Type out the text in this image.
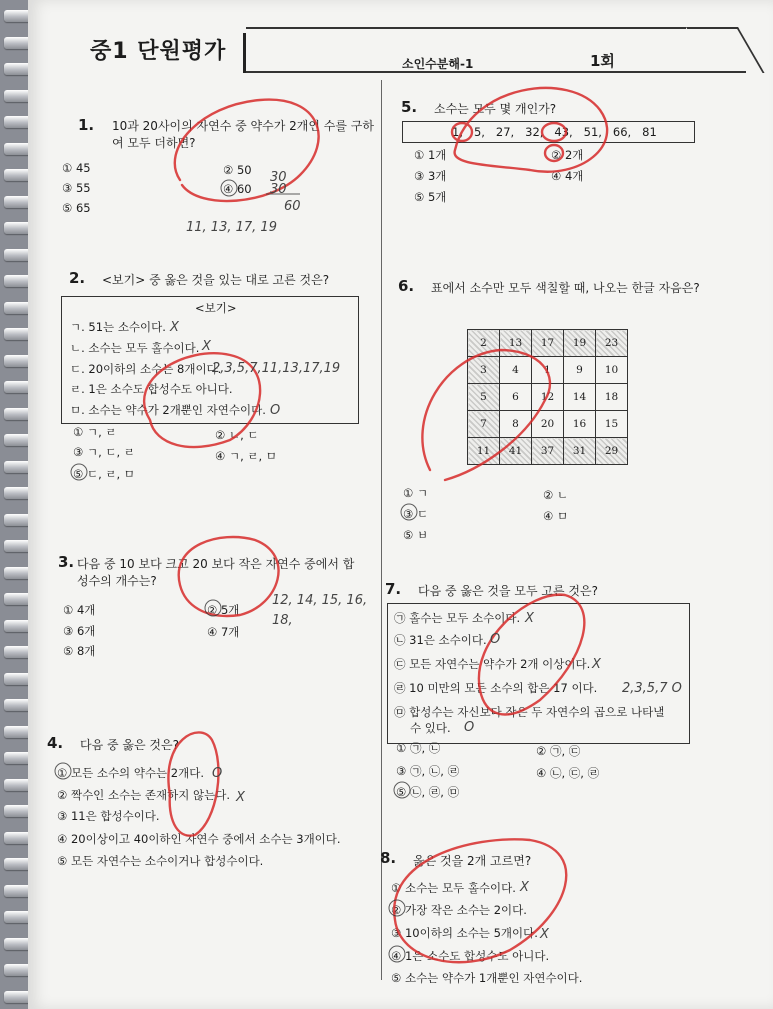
중1 단원평가	소인수분해-1	1회
1. 10과 20사이의 자연수 중 약수가 2개인 수를 구하여 모두 더하면?
① 45	② 50
③ 55	④ 60
⑤ 65
2. <보기> 중 옳은 것을 있는 대로 고른 것은?
<보기>
ㄱ. 51는 소수이다.
ㄴ. 소수는 모두 홀수이다.
ㄷ. 20이하의 소수는 8개이다.
ㄹ. 1은 소수도 합성수도 아니다.
ㅁ. 소수는 약수가 2개뿐인 자연수이다.
① ㄱ, ㄹ	② ㄴ, ㄷ
③ ㄱ, ㄷ, ㄹ	④ ㄱ, ㄹ, ㅁ
⑤ ㄷ, ㄹ, ㅁ
3. 다음 중 10 보다 크고 20 보다 작은 자연수 중에서 합성수의 개수는?
① 4개	② 5개
③ 6개	④ 7개
⑤ 8개
4. 다음 중 옳은 것은?
① 모든 소수의 약수는 2개다.
② 짝수인 소수는 존재하지 않는다.
③ 11은 합성수이다.
④ 20이상이고 40이하인 자연수 중에서 소수는 3개이다.
⑤ 모든 자연수는 소수이거나 합성수이다.
5. 소수는 모두 몇 개인가?
1,   5,   27,   32,   43,   51,   66,   81
① 1개	② 2개
③ 3개	④ 4개
⑤ 5개
6. 표에서 소수만 모두 색칠할 때, 나오는 한글 자음은?
2	13	17	19	23
3	4	1	9	10
5	6	12	14	18
7	8	20	16	15
11	41	37	31	29
① ㄱ	② ㄴ
③ ㄷ	④ ㅁ
⑤ ㅂ
7. 다음 중 옳은 것을 모두 고른 것은?
㉠ 홀수는 모두 소수이다.
㉡ 31은 소수이다.
㉢ 모든 자연수는 약수가 2개 이상이다.
㉣ 10 미만의 모든 소수의 합은 17 이다.
㉤ 합성수는 자신보다 작은 두 자연수의 곱으로 나타낼
수 있다.
① ㉠, ㉡	② ㉠, ㉢
③ ㉠, ㉡, ㉣	④ ㉡, ㉢, ㉣
⑤ ㉡, ㉣, ㉤
8. 옳은 것을 2개 고르면?
① 소수는 모두 홀수이다.
② 가장 작은 소수는 2이다.
③ 10이하의 소수는 5개이다.
④ 1은 소수도 합성수도 아니다.
⑤ 소수는 약수가 1개뿐인 자연수이다.
30
30
60
11, 13, 17, 19
X
X
2,3,5,7,11,13,17,19
O
12, 14, 15, 16,
18,
O
X
X
O
X
2,3,5,7 O
O
X
X
